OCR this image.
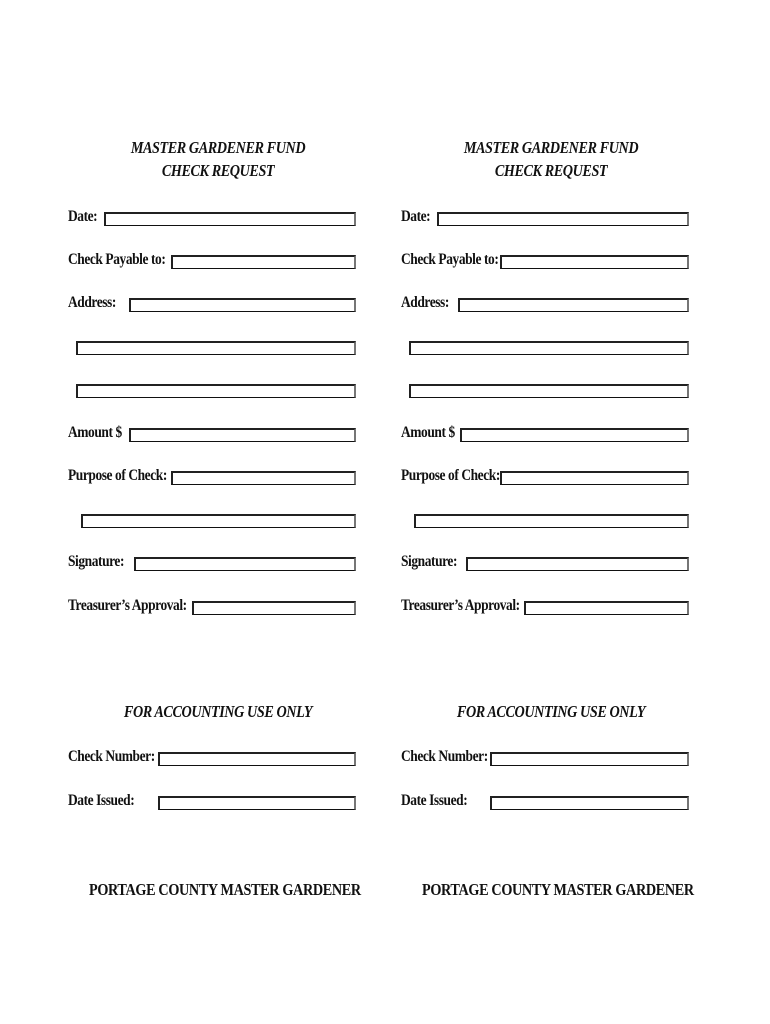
MASTER GARDENER FUND
CHECK REQUEST
Date:
Check Payable to:
Address:
Amount $
Purpose of Check:
Signature:
Treasurer’s Approval:
FOR ACCOUNTING USE ONLY
Check Number:
Date Issued:
PORTAGE COUNTY MASTER GARDENER
MASTER GARDENER FUND
CHECK REQUEST
Date:
Check Payable to:
Address:
Amount $
Purpose of Check:
Signature:
Treasurer’s Approval:
FOR ACCOUNTING USE ONLY
Check Number:
Date Issued:
PORTAGE COUNTY MASTER GARDENER
